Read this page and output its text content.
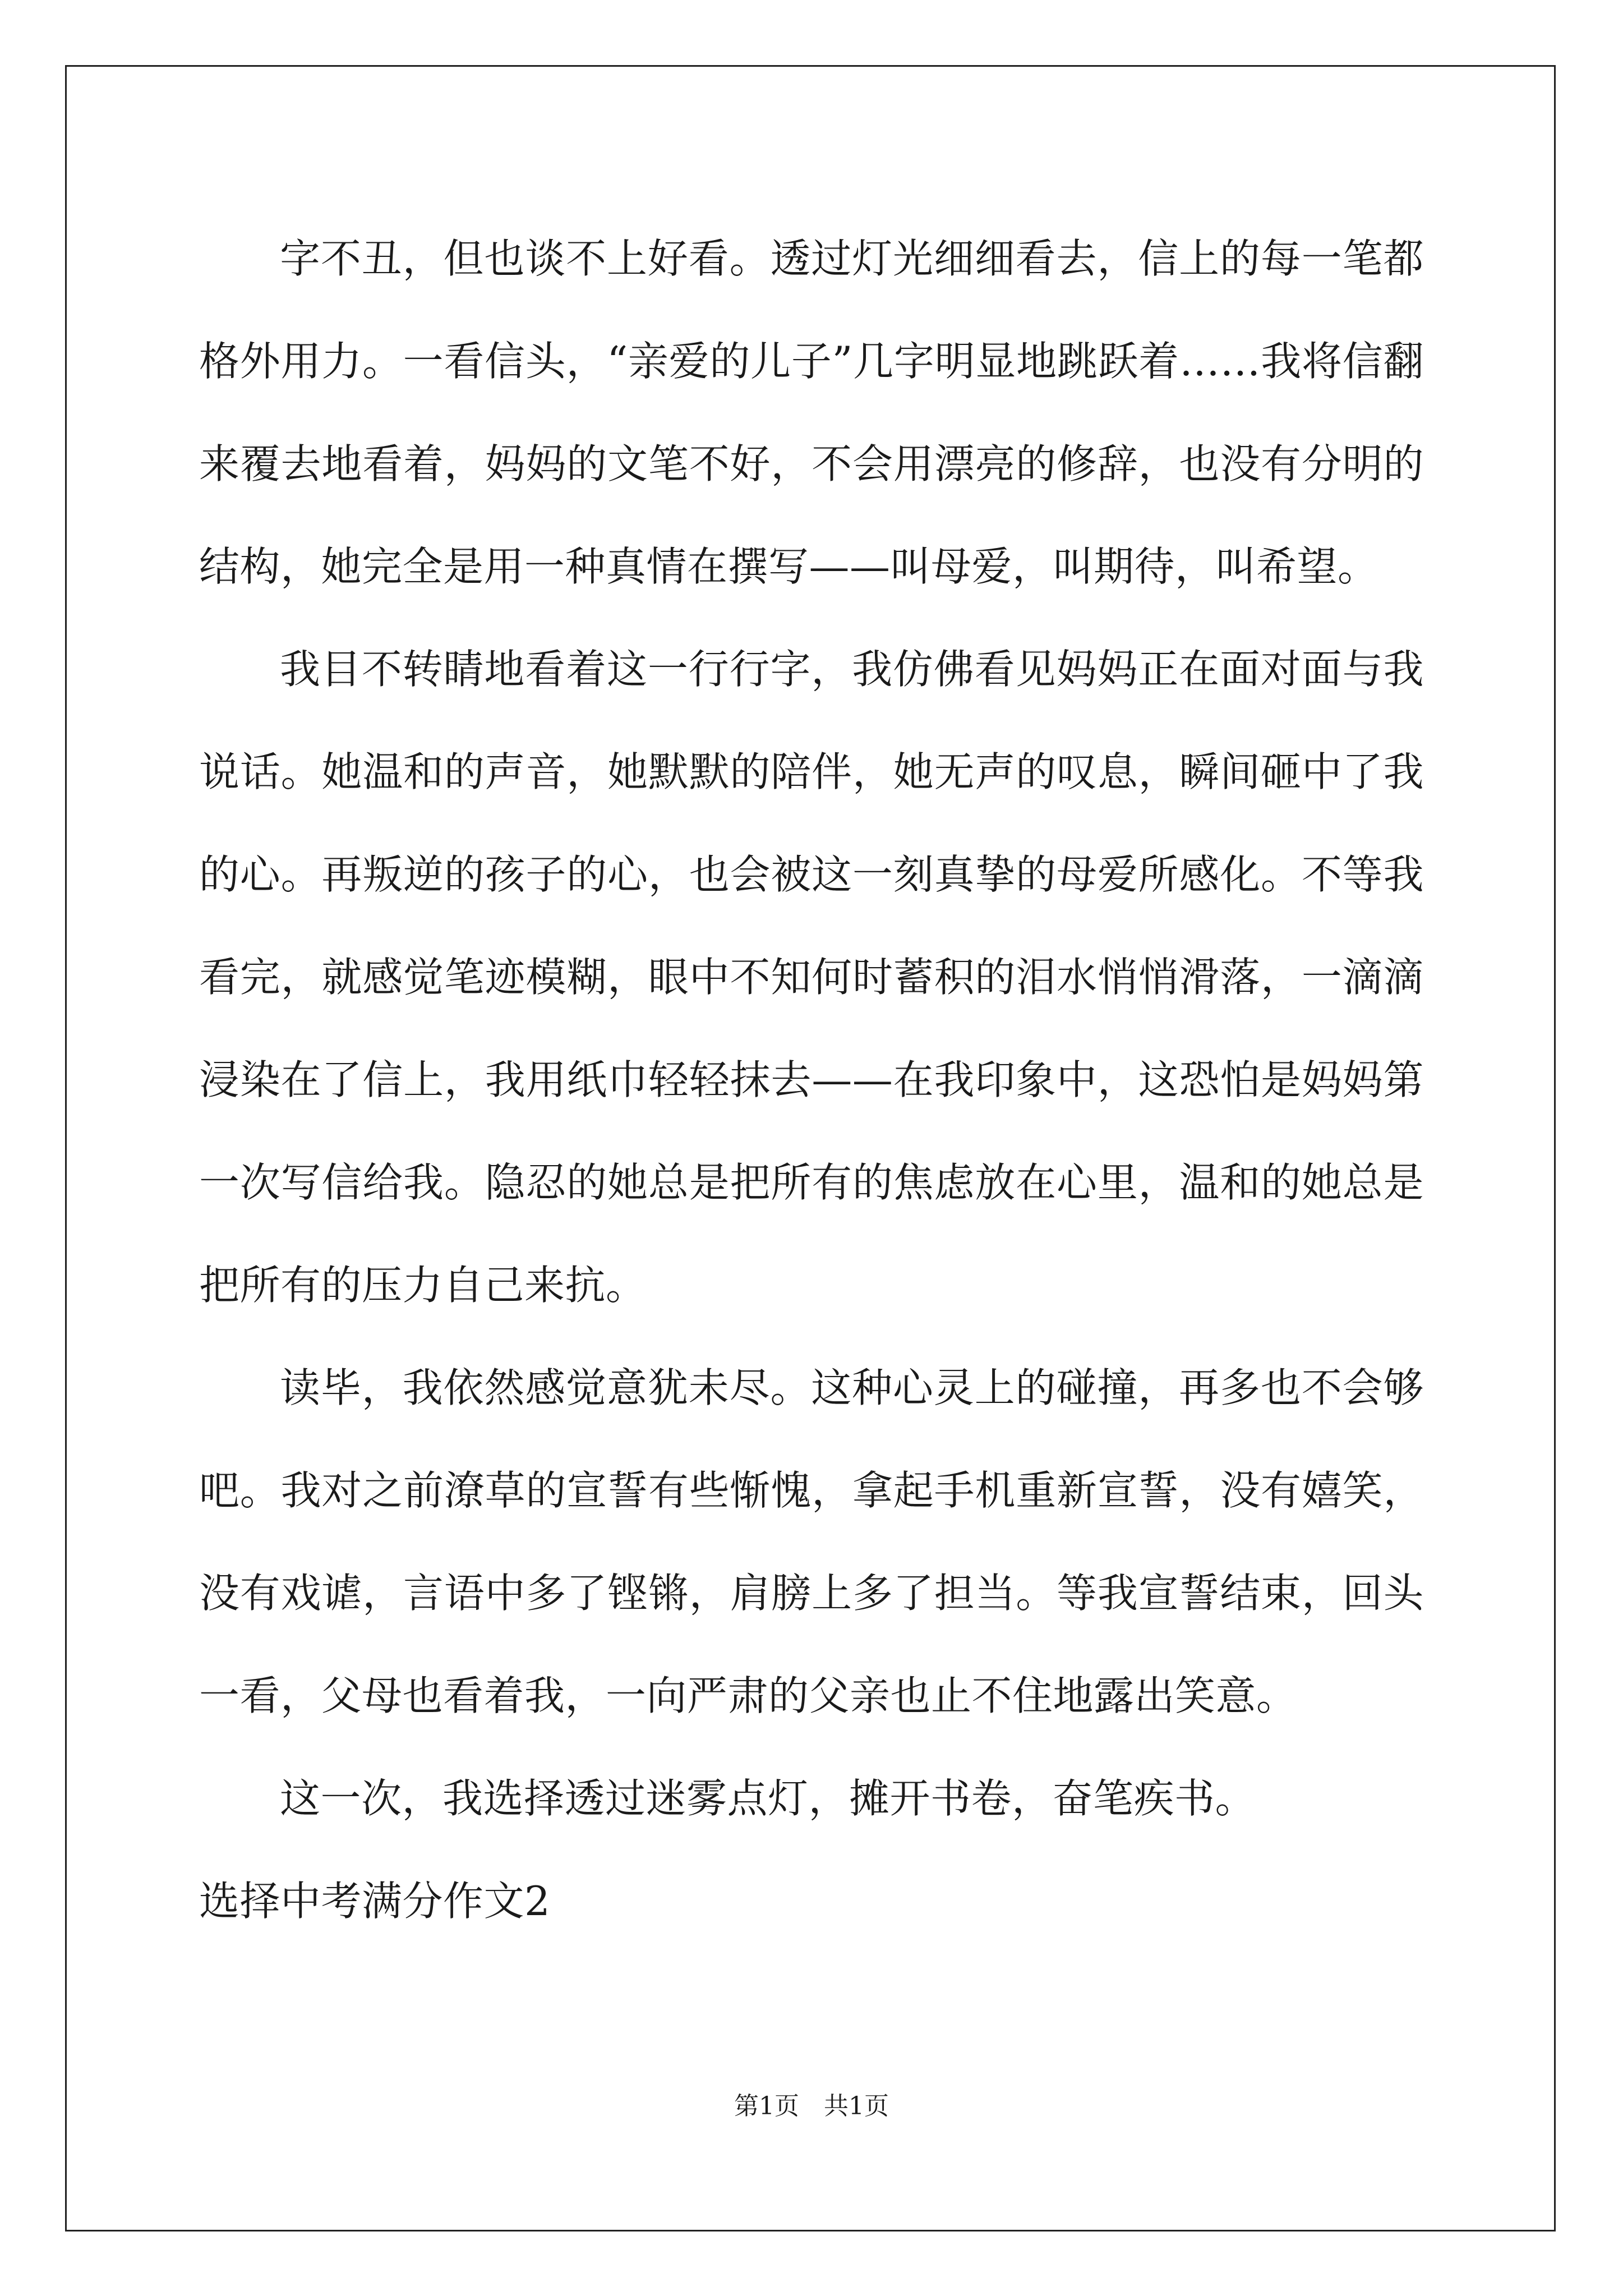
字不丑，但也谈不上好看。透过灯光细细看去，信上的每一笔都格外用力。一看信头，“亲爱的儿子”几字明显地跳跃着……我将信翻来覆去地看着，妈妈的文笔不好，不会用漂亮的修辞，也没有分明的结构，她完全是用一种真情在撰写——叫母爱，叫期待，叫希望。

我目不转睛地看着这一行行字，我仿佛看见妈妈正在面对面与我说话。她温和的声音，她默默的陪伴，她无声的叹息，瞬间砸中了我的心。再叛逆的孩子的心，也会被这一刻真挚的母爱所感化。不等我看完，就感觉笔迹模糊，眼中不知何时蓄积的泪水悄悄滑落，一滴滴浸染在了信上，我用纸巾轻轻抹去——在我印象中，这恐怕是妈妈第一次写信给我。隐忍的她总是把所有的焦虑放在心里，温和的她总是把所有的压力自己来抗。

读毕，我依然感觉意犹未尽。这种心灵上的碰撞，再多也不会够吧。我对之前潦草的宣誓有些惭愧，拿起手机重新宣誓，没有嬉笑，没有戏谑，言语中多了铿锵，肩膀上多了担当。等我宣誓结束，回头一看，父母也看着我，一向严肃的父亲也止不住地露出笑意。

这一次，我选择透过迷雾点灯，摊开书卷，奋笔疾书。

选择中考满分作文2

第1页 共1页
